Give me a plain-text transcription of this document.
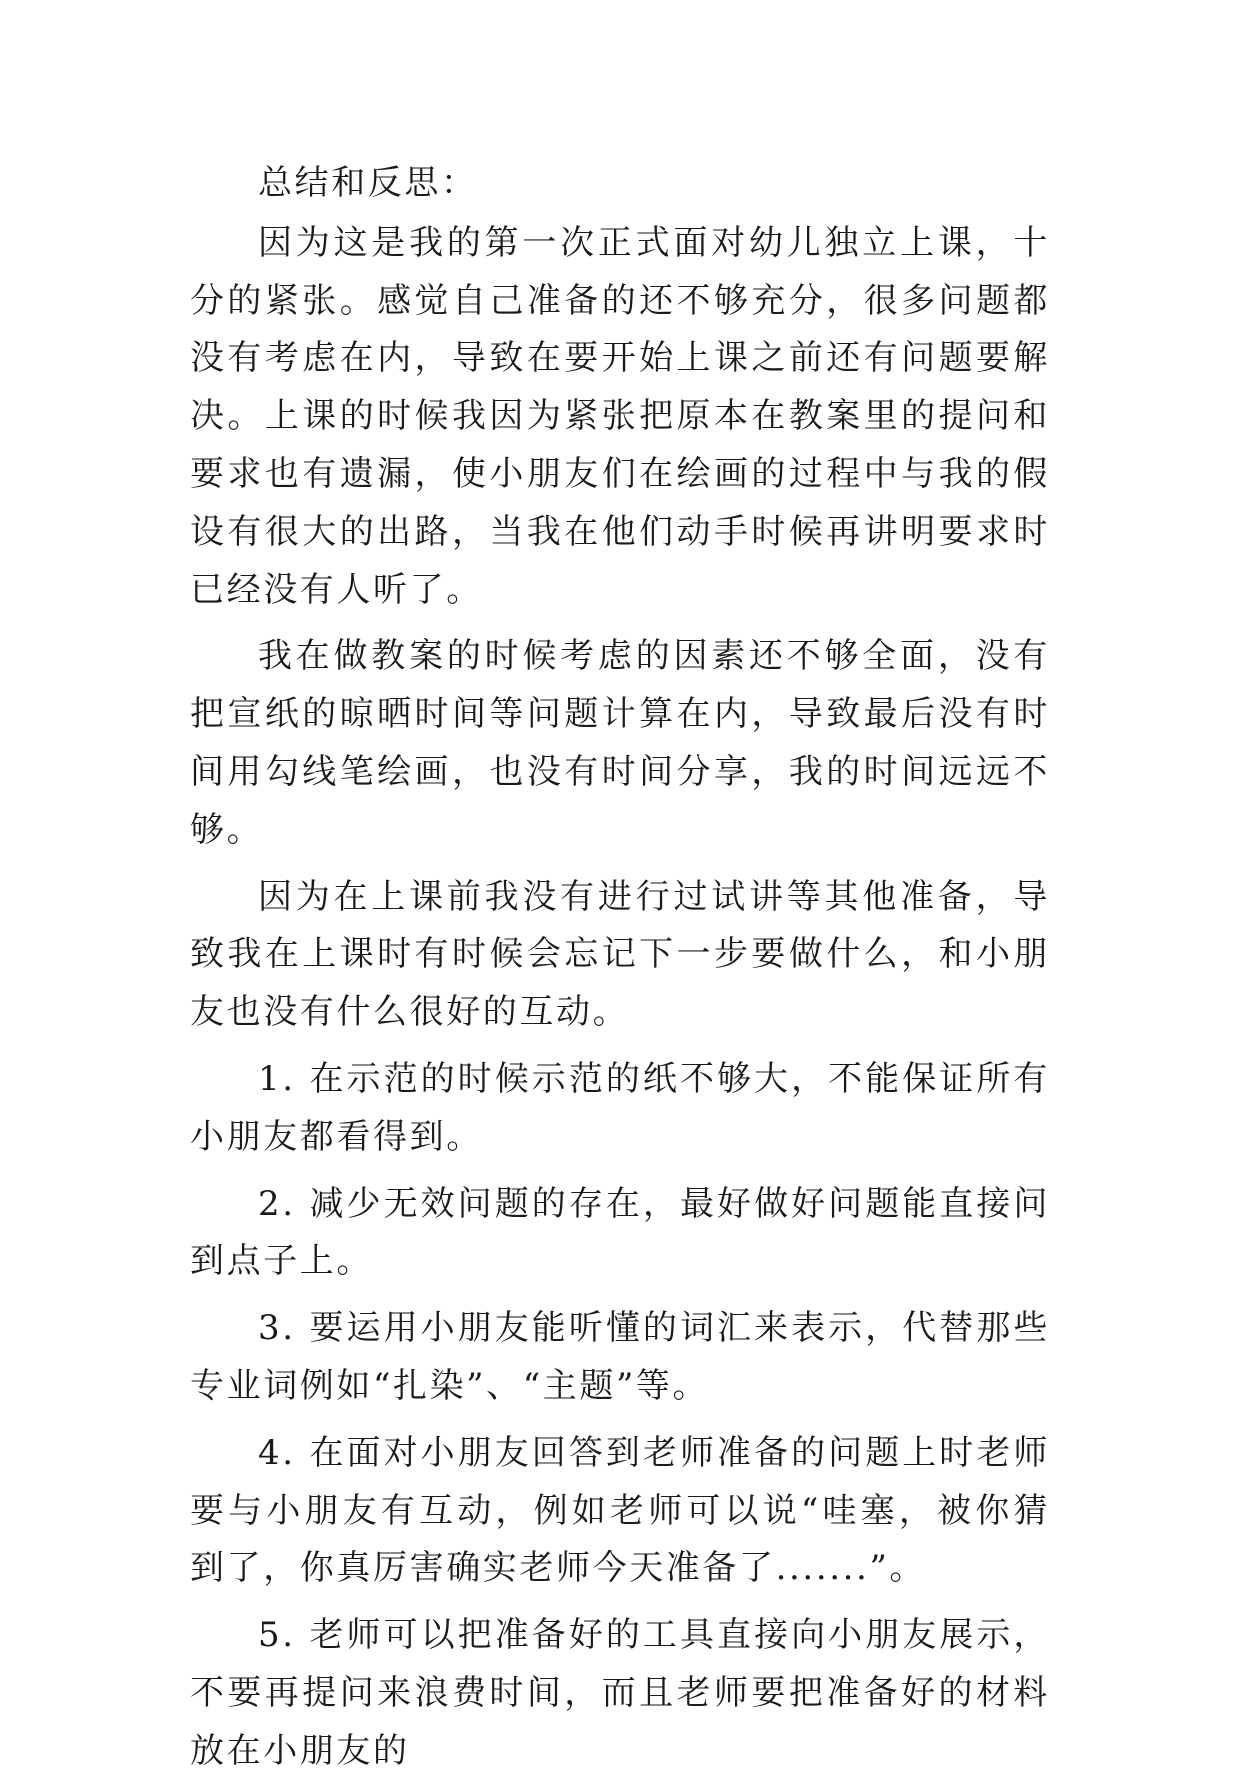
总结和反思：

因为这是我的第一次正式面对幼儿独立上课，十分的紧张。感觉自己准备的还不够充分，很多问题都没有考虑在内，导致在要开始上课之前还有问题要解决。上课的时候我因为紧张把原本在教案里的提问和要求也有遗漏，使小朋友们在绘画的过程中与我的假设有很大的出路，当我在他们动手时候再讲明要求时已经没有人听了。

我在做教案的时候考虑的因素还不够全面，没有把宣纸的晾晒时间等问题计算在内，导致最后没有时间用勾线笔绘画，也没有时间分享，我的时间远远不够。

因为在上课前我没有进行过试讲等其他准备，导致我在上课时有时候会忘记下一步要做什么，和小朋友也没有什么很好的互动。

1. 在示范的时候示范的纸不够大，不能保证所有小朋友都看得到。

2. 减少无效问题的存在，最好做好问题能直接问到点子上。

3. 要运用小朋友能听懂的词汇来表示，代替那些专业词例如“扎染”、“主题”等。

4. 在面对小朋友回答到老师准备的问题上时老师要与小朋友有互动，例如老师可以说“哇塞，被你猜到了，你真厉害确实老师今天准备了.......”。

5. 老师可以把准备好的工具直接向小朋友展示，不要再提问来浪费时间，而且老师要把准备好的材料放在小朋友的
